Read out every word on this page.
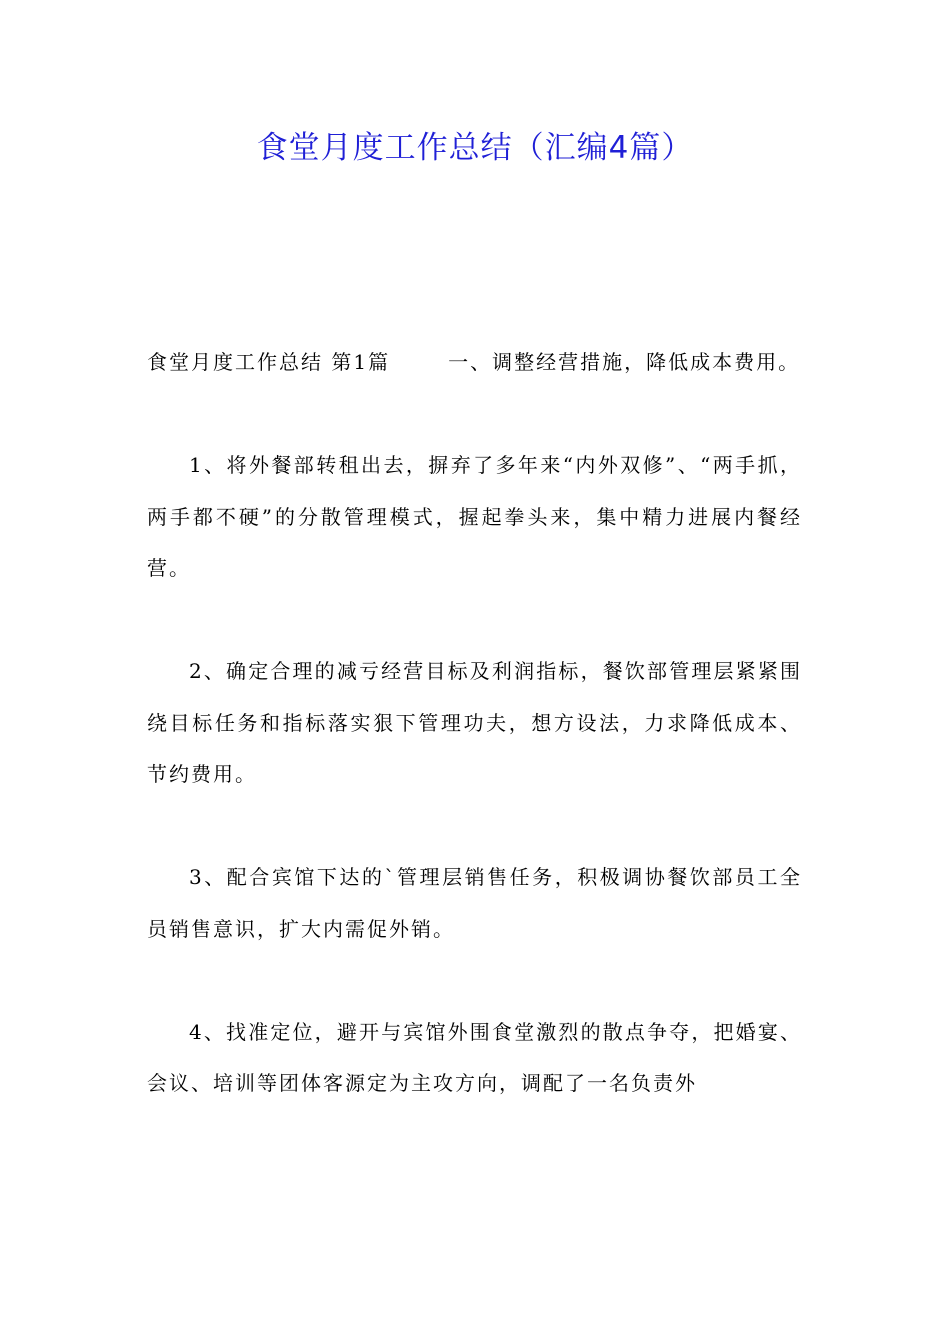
食堂月度工作总结（汇编4篇）

食堂月度工作总结 第1篇	一、调整经营措施，降低成本费用。

1、将外餐部转租出去，摒弃了多年来“内外双修”、“两手抓，两手都不硬”的分散管理模式，握起拳头来，集中精力进展内餐经营。

2、确定合理的减亏经营目标及利润指标，餐饮部管理层紧紧围绕目标任务和指标落实狠下管理功夫，想方设法，力求降低成本、节约费用。

3、配合宾馆下达的`管理层销售任务，积极调协餐饮部员工全员销售意识，扩大内需促外销。

4、找准定位，避开与宾馆外围食堂激烈的散点争夺，把婚宴、会议、培训等团体客源定为主攻方向，调配了一名负责外
